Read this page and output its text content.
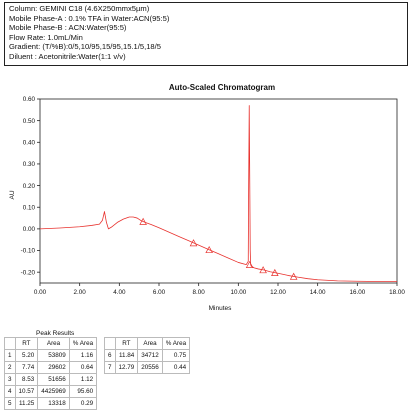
Column: GEMINI C18 (4.6X250mmx5µm)
Mobile Phase-A : 0.1% TFA in Water:ACN(95:5)
Mobile Phase-B : ACN:Water(95:5)
Flow Rate: 1.0mL/Min
Gradient: (T/%B):0/5,10/95,15/95,15.1/5,18/5
Diluent : Acetonitrile:Water(1:1 v/v)
Auto-Scaled Chromatogram
AU
Minutes
0.00	2.00	4.00	6.00	8.00	10.00	12.00	14.00	16.00	18.00
-0.20
-0.10
0.00
0.10
0.20
0.30
0.40
0.50
0.60
Peak Results
	RT	Area	% Area
1	5.20	53809	1.16
2	7.74	29602	0.64
3	8.53	51656	1.12
4	10.57	4425969	95.60
5	11.25	13318	0.29
	RT	Area	% Area
6	11.84	34712	0.75
7	12.79	20556	0.44
